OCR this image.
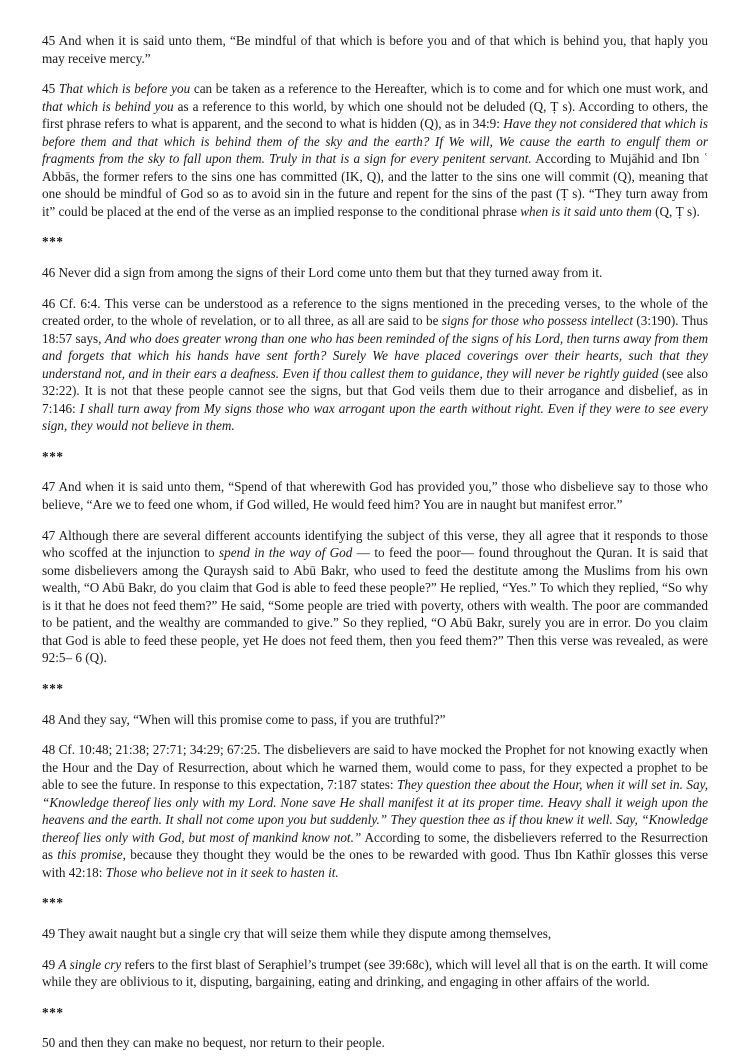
45 And when it is said unto them, “Be mindful of that which is before you and of that which is behind you, that haply you may receive mercy.”

45 That which is before you can be taken as a reference to the Hereafter, which is to come and for which one must work, and that which is behind you as a reference to this world, by which one should not be deluded (Q, Ṭ s). According to others, the first phrase refers to what is apparent, and the second to what is hidden (Q), as in 34:9: Have they not considered that which is before them and that which is behind them of the sky and the earth? If We will, We cause the earth to engulf them or fragments from the sky to fall upon them. Truly in that is a sign for every penitent servant. According to Mujāhid and Ibn ʿ Abbās, the former refers to the sins one has committed (IK, Q), and the latter to the sins one will commit (Q), meaning that one should be mindful of God so as to avoid sin in the future and repent for the sins of the past (Ṭ s). “They turn away from it” could be placed at the end of the verse as an implied response to the conditional phrase when is it said unto them (Q, Ṭ s).

***

46 Never did a sign from among the signs of their Lord come unto them but that they turned away from it.

46 Cf. 6:4. This verse can be understood as a reference to the signs mentioned in the preceding verses, to the whole of the created order, to the whole of revelation, or to all three, as all are said to be signs for those who possess intellect (3:190). Thus 18:57 says, And who does greater wrong than one who has been reminded of the signs of his Lord, then turns away from them and forgets that which his hands have sent forth? Surely We have placed coverings over their hearts, such that they understand not, and in their ears a deafness. Even if thou callest them to guidance, they will never be rightly guided (see also 32:22). It is not that these people cannot see the signs, but that God veils them due to their arrogance and disbelief, as in 7:146: I shall turn away from My signs those who wax arrogant upon the earth without right. Even if they were to see every sign, they would not believe in them.

***

47 And when it is said unto them, “Spend of that wherewith God has provided you,” those who disbelieve say to those who believe, “Are we to feed one whom, if God willed, He would feed him? You are in naught but manifest error.”

47 Although there are several different accounts identifying the subject of this verse, they all agree that it responds to those who scoffed at the injunction to spend in the way of God — to feed the poor— found throughout the Quran. It is said that some disbelievers among the Quraysh said to Abū Bakr, who used to feed the destitute among the Muslims from his own wealth, “O Abū Bakr, do you claim that God is able to feed these people?” He replied, “Yes.” To which they replied, “So why is it that he does not feed them?” He said, “Some people are tried with poverty, others with wealth. The poor are commanded to be patient, and the wealthy are commanded to give.” So they replied, “O Abū Bakr, surely you are in error. Do you claim that God is able to feed these people, yet He does not feed them, then you feed them?” Then this verse was revealed, as were 92:5– 6 (Q).

***

48 And they say, “When will this promise come to pass, if you are truthful?”

48 Cf. 10:48; 21:38; 27:71; 34:29; 67:25. The disbelievers are said to have mocked the Prophet for not knowing exactly when the Hour and the Day of Resurrection, about which he warned them, would come to pass, for they expected a prophet to be able to see the future. In response to this expectation, 7:187 states: They question thee about the Hour, when it will set in. Say, “Knowledge thereof lies only with my Lord. None save He shall manifest it at its proper time. Heavy shall it weigh upon the heavens and the earth. It shall not come upon you but suddenly.” They question thee as if thou knew it well. Say, “Knowledge thereof lies only with God, but most of mankind know not.” According to some, the disbelievers referred to the Resurrection as this promise, because they thought they would be the ones to be rewarded with good. Thus Ibn Kathīr glosses this verse with 42:18: Those who believe not in it seek to hasten it.

***

49 They await naught but a single cry that will seize them while they dispute among themselves,

49 A single cry refers to the first blast of Seraphiel’s trumpet (see 39:68c), which will level all that is on the earth. It will come while they are oblivious to it, disputing, bargaining, eating and drinking, and engaging in other affairs of the world.

***

50 and then they can make no bequest, nor return to their people.
